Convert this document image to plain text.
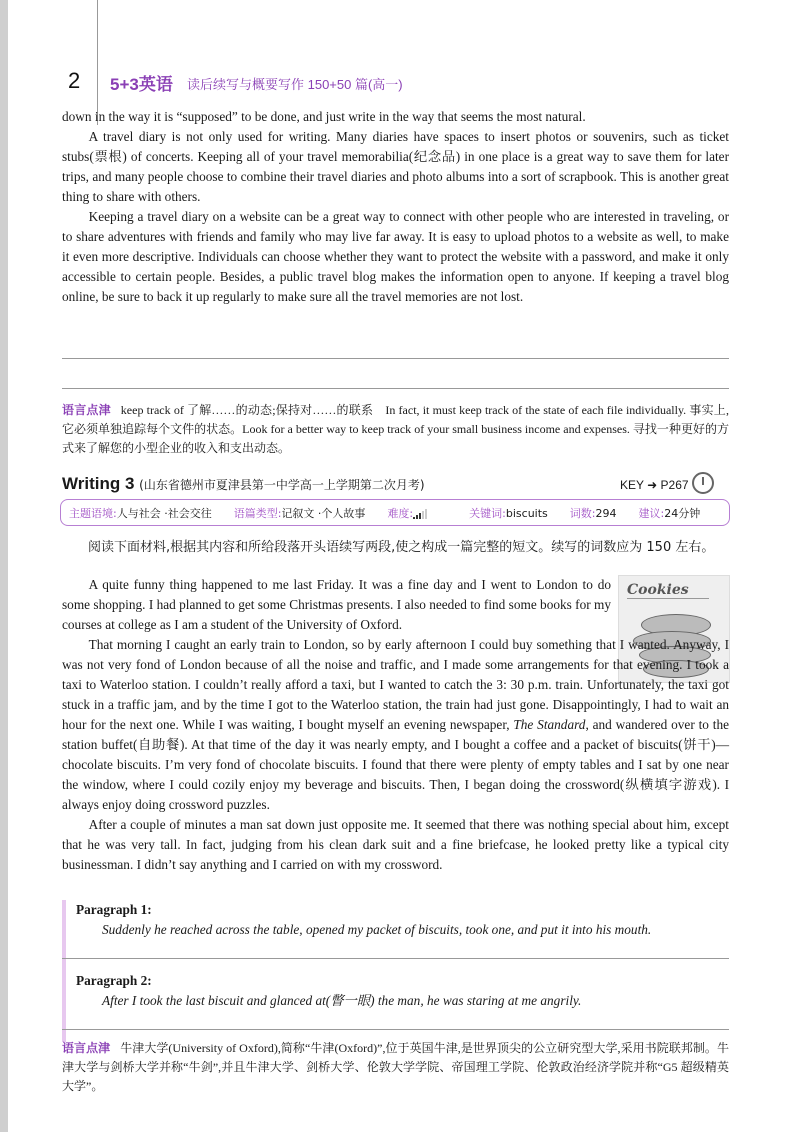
2 5+3英语 读后续写与概要写作 150+50 篇(高一)
down in the way it is “supposed” to be done, and just write in the way that seems the most natural.

A travel diary is not only used for writing. Many diaries have spaces to insert photos or souvenirs, such as ticket stubs(票根) of concerts. Keeping all of your travel memorabilia(纪念品) in one place is a great way to save them for later trips, and many people choose to combine their travel diaries and photo albums into a sort of scrapbook. This is another great thing to share with others.

Keeping a travel diary on a website can be a great way to connect with other people who are interested in traveling, or to share adventures with friends and family who may live far away. It is easy to upload photos to a website as well, to make it even more descriptive. Individuals can choose whether they want to protect the website with a password, and make it only accessible to certain people. Besides, a public travel blog makes the information open to anyone. If keeping a travel blog online, be sure to back it up regularly to make sure all the travel memories are not lost.

语言点津 keep track of 了解……的动态;保持对……的联系　In fact, it must keep track of the state of each file individually. 事实上,它必须单独追踪每个文件的状态。Look for a better way to keep track of your small business income and expenses. 寻找一种更好的方式来了解您的小型企业的收入和支出动态。
Writing 3 (山东省德州市夏津县第一中学高一上学期第二次月考)	KEY ➜ P267
主题语境:人与社会 ·社会交往 语篇类型:记叙文 ·个人故事 难度:	关键词:biscuits 词数:294 建议:24分钟

阅读下面材料,根据其内容和所给段落开头语续写两段,使之构成一篇完整的短文。续写的词数应为 150 左右。

Cookies

A quite funny thing happened to me last Friday. It was a fine day and I went to London to do some shopping. I had planned to get some Christmas presents. I also needed to find some books for my courses at college as I am a student of the University of Oxford.

That morning I caught an early train to London, so by early afternoon I could buy something that I wanted. Anyway, I was not very fond of London because of all the noise and traffic, and I made some arrangements for that evening. I took a taxi to Waterloo station. I couldn’t really afford a taxi, but I wanted to catch the 3: 30 p.m. train. Unfortunately, the taxi got stuck in a traffic jam, and by the time I got to the Waterloo station, the train had just gone. Disappointingly, I had to wait an hour for the next one. While I was waiting, I bought myself an evening newspaper, The Standard, and wandered over to the station buffet(自助餐). At that time of the day it was nearly empty, and I bought a coffee and a packet of biscuits(饼干)—chocolate biscuits. I’m very fond of chocolate biscuits. I found that there were plenty of empty tables and I sat by one near the window, where I could cozily enjoy my beverage and biscuits. Then, I began doing the crossword(纵横填字游戏). I always enjoy doing crossword puzzles.

After a couple of minutes a man sat down just opposite me. It seemed that there was nothing special about him, except that he was very tall. In fact, judging from his clean dark suit and a fine briefcase, he looked pretty like a typical city businessman. I didn’t say anything and I carried on with my crossword.

Paragraph 1:
Suddenly he reached across the table, opened my packet of biscuits, took one, and put it into his mouth.
Paragraph 2:
After I took the last biscuit and glanced at(瞥一眼) the man, he was staring at me angrily.
语言点津 牛津大学(University of Oxford),简称“牛津(Oxford)”,位于英国牛津,是世界顶尖的公立研究型大学,采用书院联邦制。牛津大学与剑桥大学并称“牛剑”,并且牛津大学、剑桥大学、伦敦大学学院、帝国理工学院、伦敦政治经济学院并称“G5 超级精英大学”。
